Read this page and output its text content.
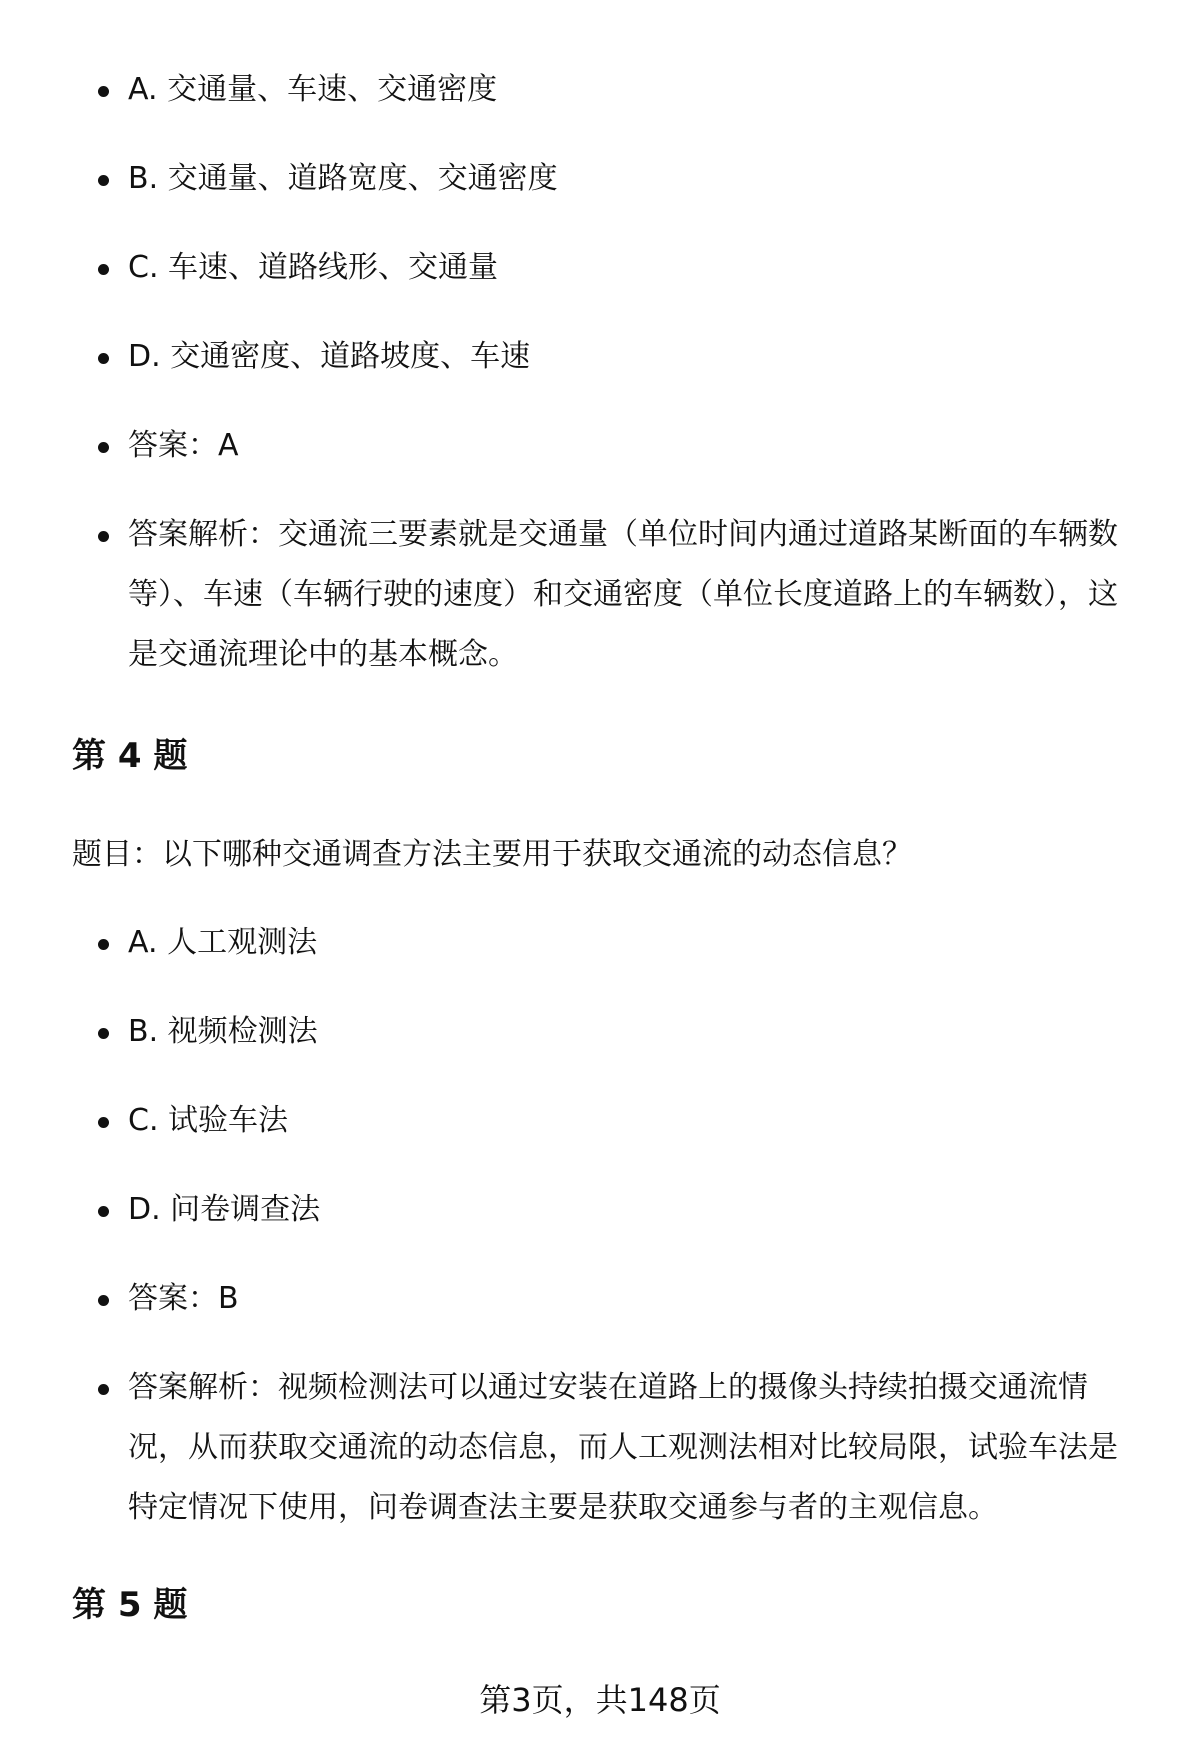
A. 交通量、车速、交通密度
B. 交通量、道路宽度、交通密度
C. 车速、道路线形、交通量
D. 交通密度、道路坡度、车速
答案：A
答案解析：交通流三要素就是交通量（单位时间内通过道路某断面的车辆数等）、车速（车辆行驶的速度）和交通密度（单位长度道路上的车辆数），这是交通流理论中的基本概念。
第 4 题

题目：以下哪种交通调查方法主要用于获取交通流的动态信息？

A. 人工观测法
B. 视频检测法
C. 试验车法
D. 问卷调查法
答案：B
答案解析：视频检测法可以通过安装在道路上的摄像头持续拍摄交通流情况，从而获取交通流的动态信息，而人工观测法相对比较局限，试验车法是特定情况下使用，问卷调查法主要是获取交通参与者的主观信息。
第 5 题
第3页，共148页
